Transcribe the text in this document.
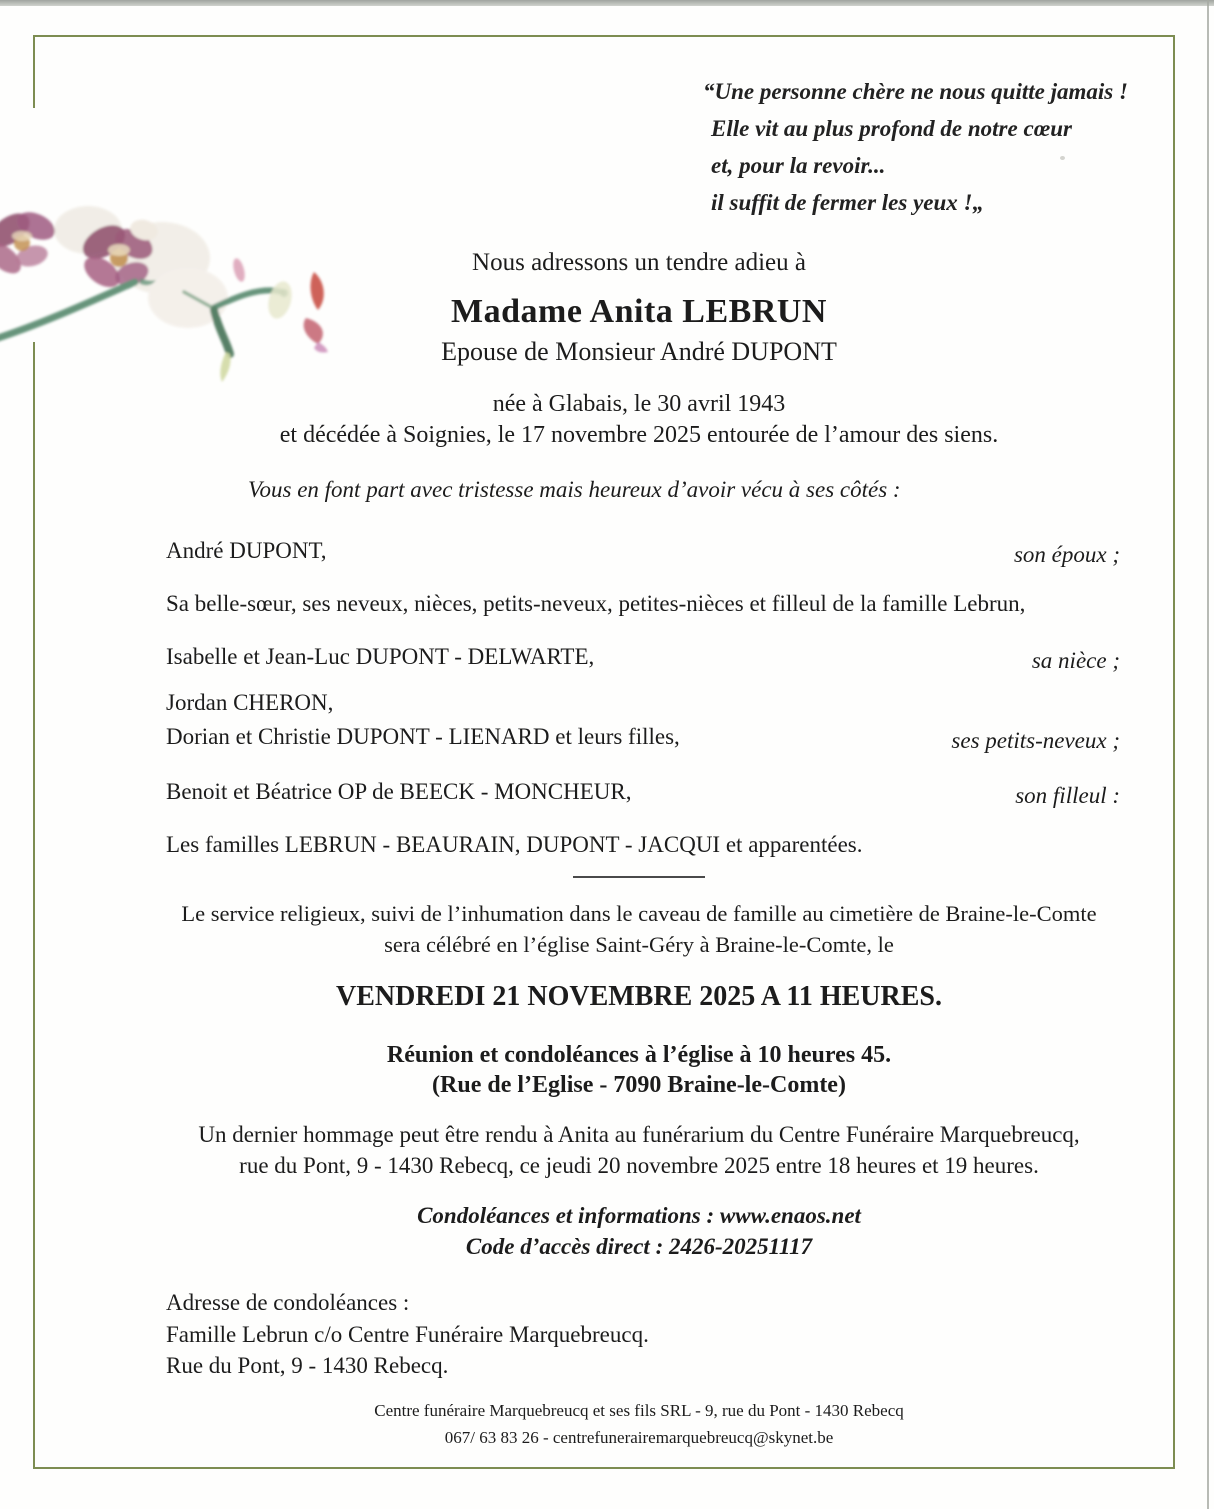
“Une personne chère ne nous quitte jamais !
Elle vit au plus profond de notre cœur
et, pour la revoir...
il suffit de fermer les yeux !„
Nous adressons un tendre adieu à
Madame Anita LEBRUN
Epouse de Monsieur André DUPONT
née à Glabais, le 30 avril 1943
et décédée à Soignies, le 17 novembre 2025 entourée de l’amour des siens.
Vous en font part avec tristesse mais heureux d’avoir vécu à ses côtés :
Le service religieux, suivi de l’inhumation dans le caveau de famille au cimetière de Braine-le-Comte
sera célébré en l’église Saint-Géry à Braine-le-Comte, le
VENDREDI 21 NOVEMBRE 2025 A 11 HEURES.
Réunion et condoléances à l’église à 10 heures 45.
(Rue de l’Eglise - 7090 Braine-le-Comte)
Un dernier hommage peut être rendu à Anita au funérarium du Centre Funéraire Marquebreucq,
rue du Pont, 9 - 1430 Rebecq, ce jeudi 20 novembre 2025 entre 18 heures et 19 heures.
Condoléances et informations : www.enaos.net
Code d’accès direct : 2426-20251117
Centre funéraire Marquebreucq et ses fils SRL - 9, rue du Pont - 1430 Rebecq
067/ 63 83 26 - centrefunerairemarquebreucq@skynet.be
André DUPONT,	son époux ;
Sa belle-sœur, ses neveux, nièces, petits-neveux, petites-nièces et filleul de la famille Lebrun,
Isabelle et Jean-Luc DUPONT - DELWARTE,	sa nièce ;
Jordan CHERON,
Dorian et Christie DUPONT - LIENARD et leurs filles,	ses petits-neveux ;
Benoit et Béatrice OP de BEECK - MONCHEUR,	son filleul :
Les familles LEBRUN - BEAURAIN, DUPONT - JACQUI et apparentées.
Adresse de condoléances :
Famille Lebrun c/o Centre Funéraire Marquebreucq.
Rue du Pont, 9 - 1430 Rebecq.
